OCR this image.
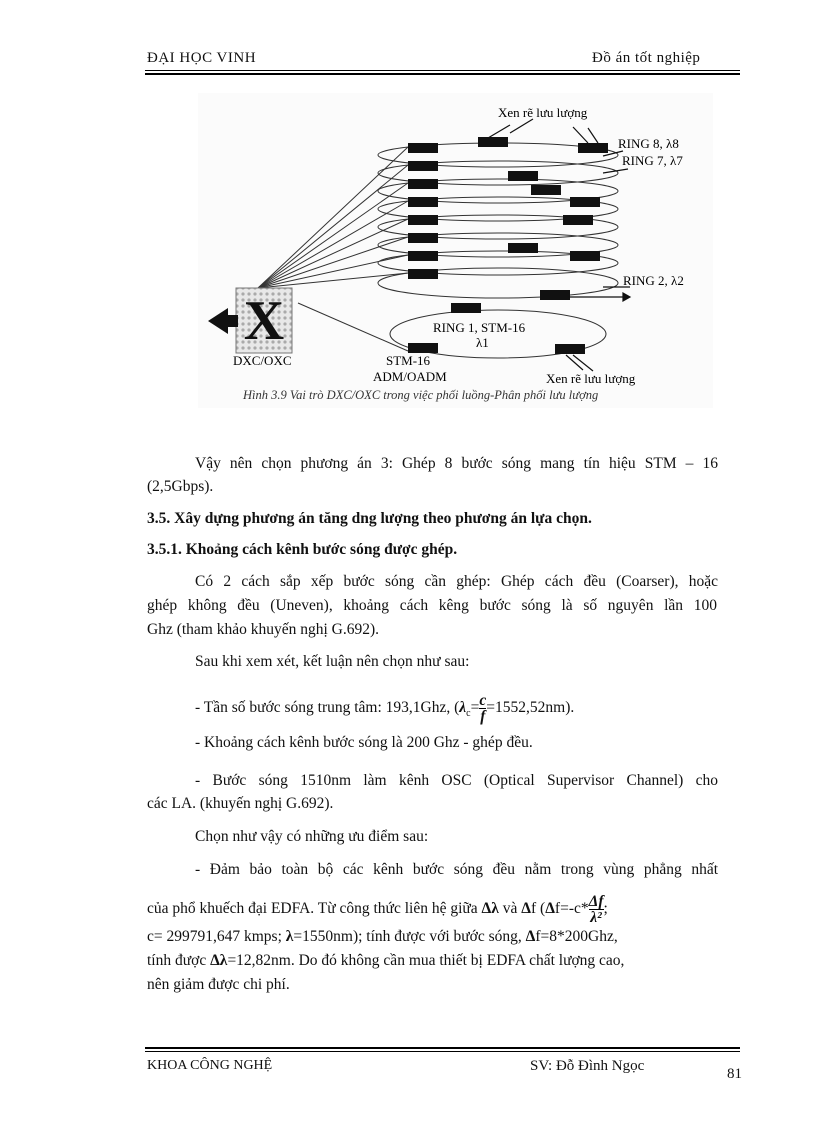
ĐẠI HỌC VINH	Đồ án tốt nghiệp
X
Xen rẽ lưu lượng
RING 8, λ8
RING 7, λ7
RING 2, λ2
RING 1, STM-16
λ1
DXC/OXC	STM-16
ADM/OADM	Xen rẽ lưu lượng
Hình 3.9 Vai trò DXC/OXC trong việc phối luồng-Phân phối lưu lượng
Vậy nên chọn phương án 3: Ghép 8 bước sóng mang tín hiệu STM – 16
(2,5Gbps).
3.5. Xây dựng phương án tăng dng lượng theo phương án lựa chọn.
3.5.1. Khoảng cách kênh bước sóng được ghép.
Có 2 cách sắp xếp bước sóng cần ghép: Ghép cách đều (Coarser), hoặc
ghép không đều (Uneven), khoảng cách kêng bước sóng là số nguyên lần 100
Ghz (tham khảo khuyến nghị G.692).
Sau khi xem xét, kết luận nên chọn như sau:
- Tần số bước sóng trung tâm: 193,1Ghz, $(\lambda_c= \frac{c}{f} =1552,52nm)$.
- Khoảng cách kênh bước sóng là 200 Ghz - ghép đều.
- Bước sóng 1510nm làm kênh OSC (Optical Supervisor Channel) cho
các LA. (khuyến nghị G.692).
Chọn như vậy có những ưu điểm sau:
- Đảm bảo toàn bộ các kênh bước sóng đều nằm trong vùng phẳng nhất
của phổ khuếch đại EDFA. Từ công thức liên hệ giữa Δλ và Δf ($\Delta f=-c* \frac{\Delta f}{\text{λ²}}$ ;
c= 299791,647 kmps; λ=1550nm); tính được với bước sóng, Δf=8*200Ghz,
tính được Δλ=12,82nm. Do đó không cần mua thiết bị EDFA chất lượng cao,
nên giảm được chi phí.
KHOA CÔNG NGHỆ	SV: Đỗ Đình Ngọc	81
